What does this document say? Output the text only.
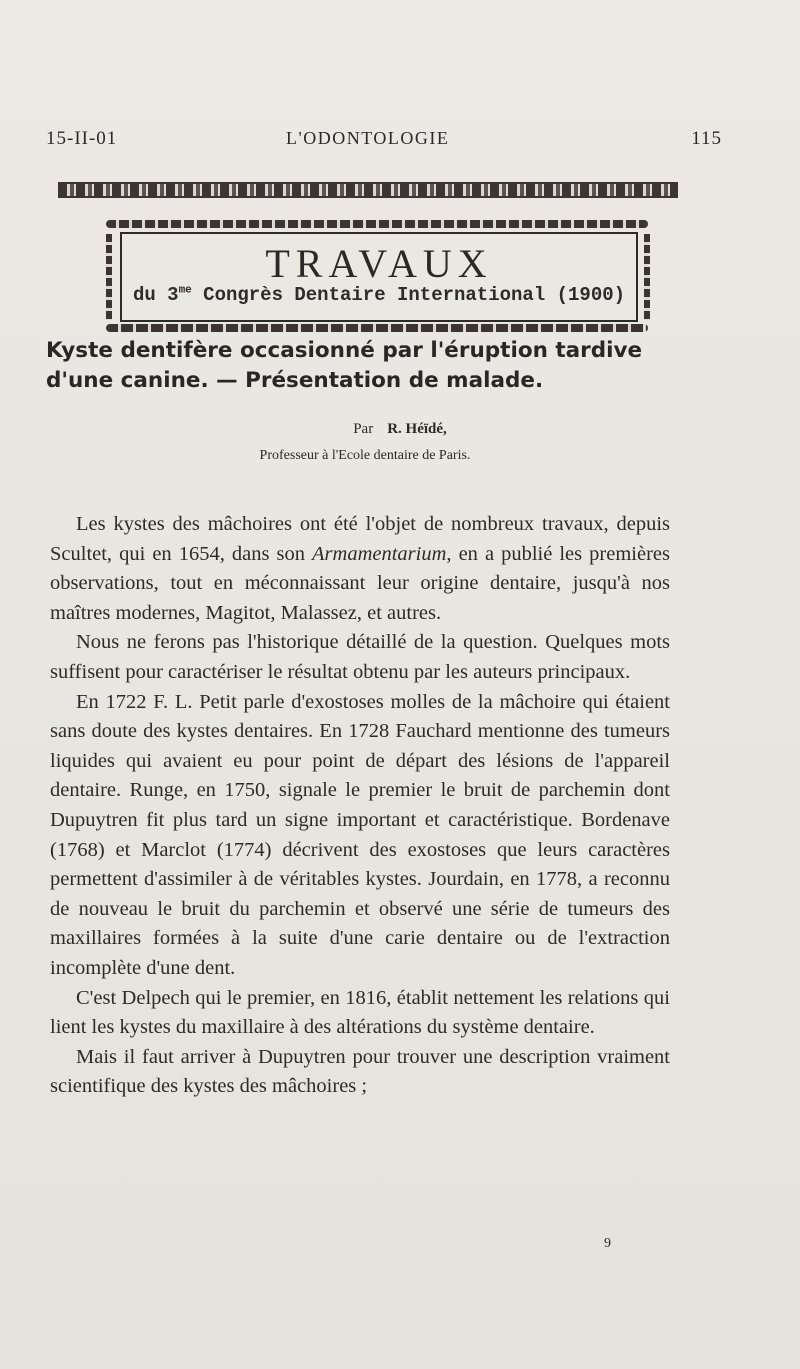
15-II-01	L'ODONTOLOGIE	115
TRAVAUX
du $3^{me}$ Congrès Dentaire International (1900)
Kyste dentifère occasionné par l'éruption tardive d'une canine. — Présentation de malade.
Par R. Héïdé,
Professeur à l'Ecole dentaire de Paris.

Les kystes des mâchoires ont été l'objet de nombreux travaux, depuis Scultet, qui en 1654, dans son Armamentarium, en a publié les premières observations, tout en méconnaissant leur origine dentaire, jusqu'à nos maîtres modernes, Magitot, Malassez, et autres.

Nous ne ferons pas l'historique détaillé de la question. Quelques mots suffisent pour caractériser le résultat obtenu par les auteurs principaux.

En 1722 F. L. Petit parle d'exostoses molles de la mâchoire qui étaient sans doute des kystes dentaires. En 1728 Fauchard mentionne des tumeurs liquides qui avaient eu pour point de départ des lésions de l'appareil dentaire. Runge, en 1750, signale le premier le bruit de parchemin dont Dupuytren fit plus tard un signe important et caractéristique. Bordenave (1768) et Marclot (1774) décrivent des exostoses que leurs caractères permettent d'assimiler à de véritables kystes. Jourdain, en 1778, a reconnu de nouveau le bruit du parchemin et observé une série de tumeurs des maxillaires formées à la suite d'une carie dentaire ou de l'extraction incomplète d'une dent.

C'est Delpech qui le premier, en 1816, établit nettement les relations qui lient les kystes du maxillaire à des altérations du système dentaire.

Mais il faut arriver à Dupuytren pour trouver une description vraiment scientifique des kystes des mâchoires ;

9
